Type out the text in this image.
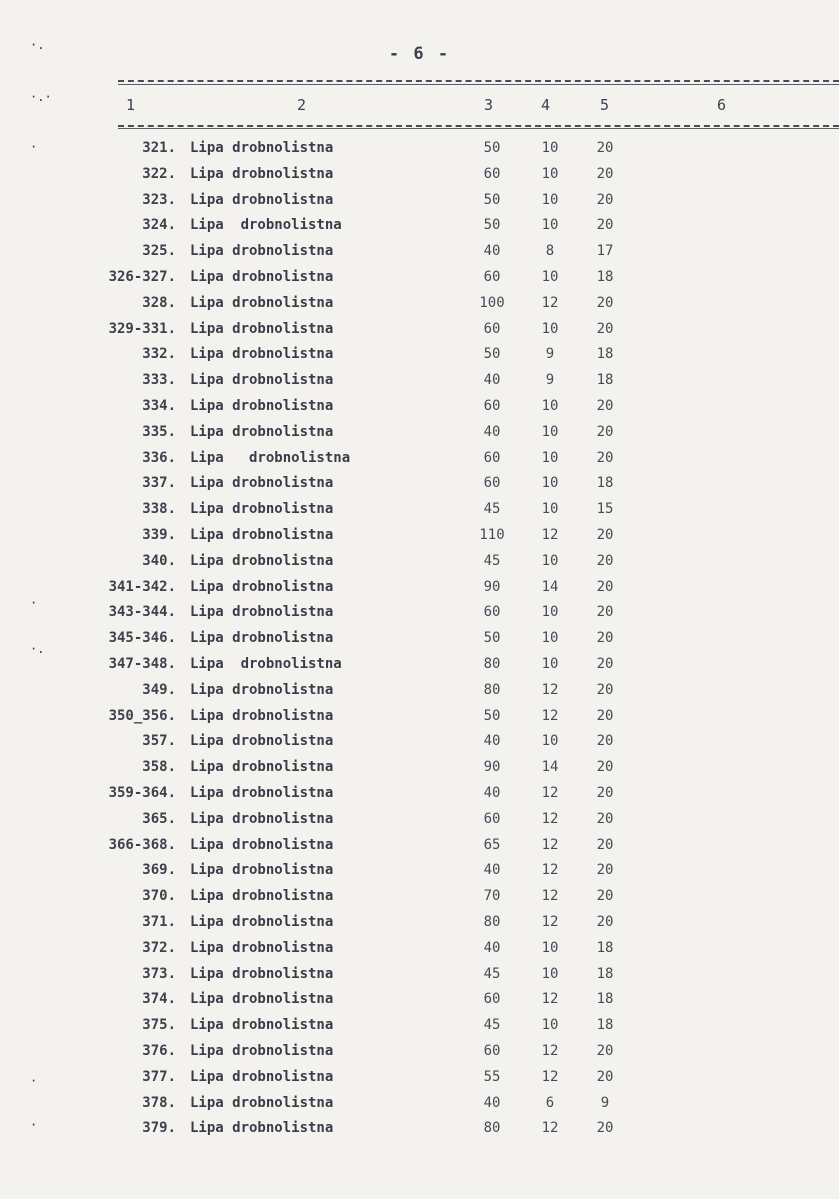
- 6 -
1	2	3	4	5	6
321. Lipa drobnolistna	50	10	20
322. Lipa drobnolistna	60	10	20
323. Lipa drobnolistna	50	10	20
324. Lipa  drobnolistna	50	10	20
325. Lipa drobnolistna	40	8	17
326-327. Lipa drobnolistna	60	10	18
328. Lipa drobnolistna	100	12	20
329-331. Lipa drobnolistna	60	10	20
332. Lipa drobnolistna	50	9	18
333. Lipa drobnolistna	40	9	18
334. Lipa drobnolistna	60	10	20
335. Lipa drobnolistna	40	10	20
336. Lipa   drobnolistna	60	10	20
337. Lipa drobnolistna	60	10	18
338. Lipa drobnolistna	45	10	15
339. Lipa drobnolistna	110	12	20
340. Lipa drobnolistna	45	10	20
341-342. Lipa drobnolistna	90	14	20
343-344. Lipa drobnolistna	60	10	20
345-346. Lipa drobnolistna	50	10	20
347-348. Lipa  drobnolistna	80	10	20
349. Lipa drobnolistna	80	12	20
350_356. Lipa drobnolistna	50	12	20
357. Lipa drobnolistna	40	10	20
358. Lipa drobnolistna	90	14	20
359-364. Lipa drobnolistna	40	12	20
365. Lipa drobnolistna	60	12	20
366-368. Lipa drobnolistna	65	12	20
369. Lipa drobnolistna	40	12	20
370. Lipa drobnolistna	70	12	20
371. Lipa drobnolistna	80	12	20
372. Lipa drobnolistna	40	10	18
373. Lipa drobnolistna	45	10	18
374. Lipa drobnolistna	60	12	18
375. Lipa drobnolistna	45	10	18
376. Lipa drobnolistna	60	12	20
377. Lipa drobnolistna	55	12	20
378. Lipa drobnolistna	40	6	9
379. Lipa drobnolistna	80	12	20
·.
·.·
·
·
·.
·
·
